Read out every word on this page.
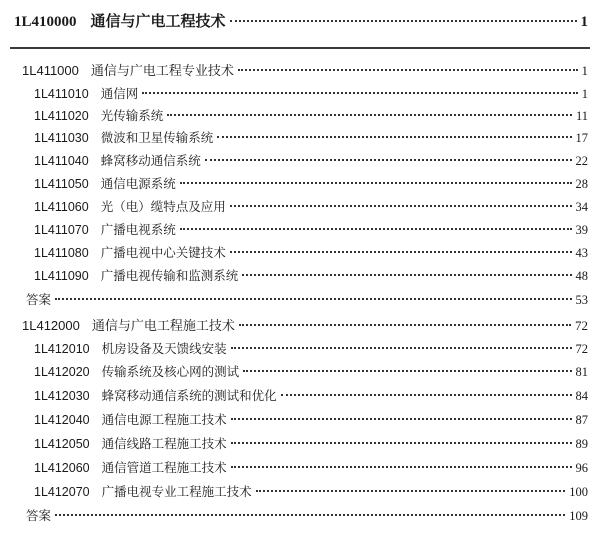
1L410000 通信与广电工程技术	1
1L411000 通信与广电工程专业技术	1
1L411010 通信网	1
1L411020 光传输系统	11
1L411030 微波和卫星传输系统	17
1L411040 蜂窝移动通信系统	22
1L411050 通信电源系统	28
1L411060 光（电）缆特点及应用	34
1L411070 广播电视系统	39
1L411080 广播电视中心关键技术	43
1L411090 广播电视传输和监测系统	48
答案	53
1L412000 通信与广电工程施工技术	72
1L412010 机房设备及天馈线安装	72
1L412020 传输系统及核心网的测试	81
1L412030 蜂窝移动通信系统的测试和优化	84
1L412040 通信电源工程施工技术	87
1L412050 通信线路工程施工技术	89
1L412060 通信管道工程施工技术	96
1L412070 广播电视专业工程施工技术	100
答案	109
